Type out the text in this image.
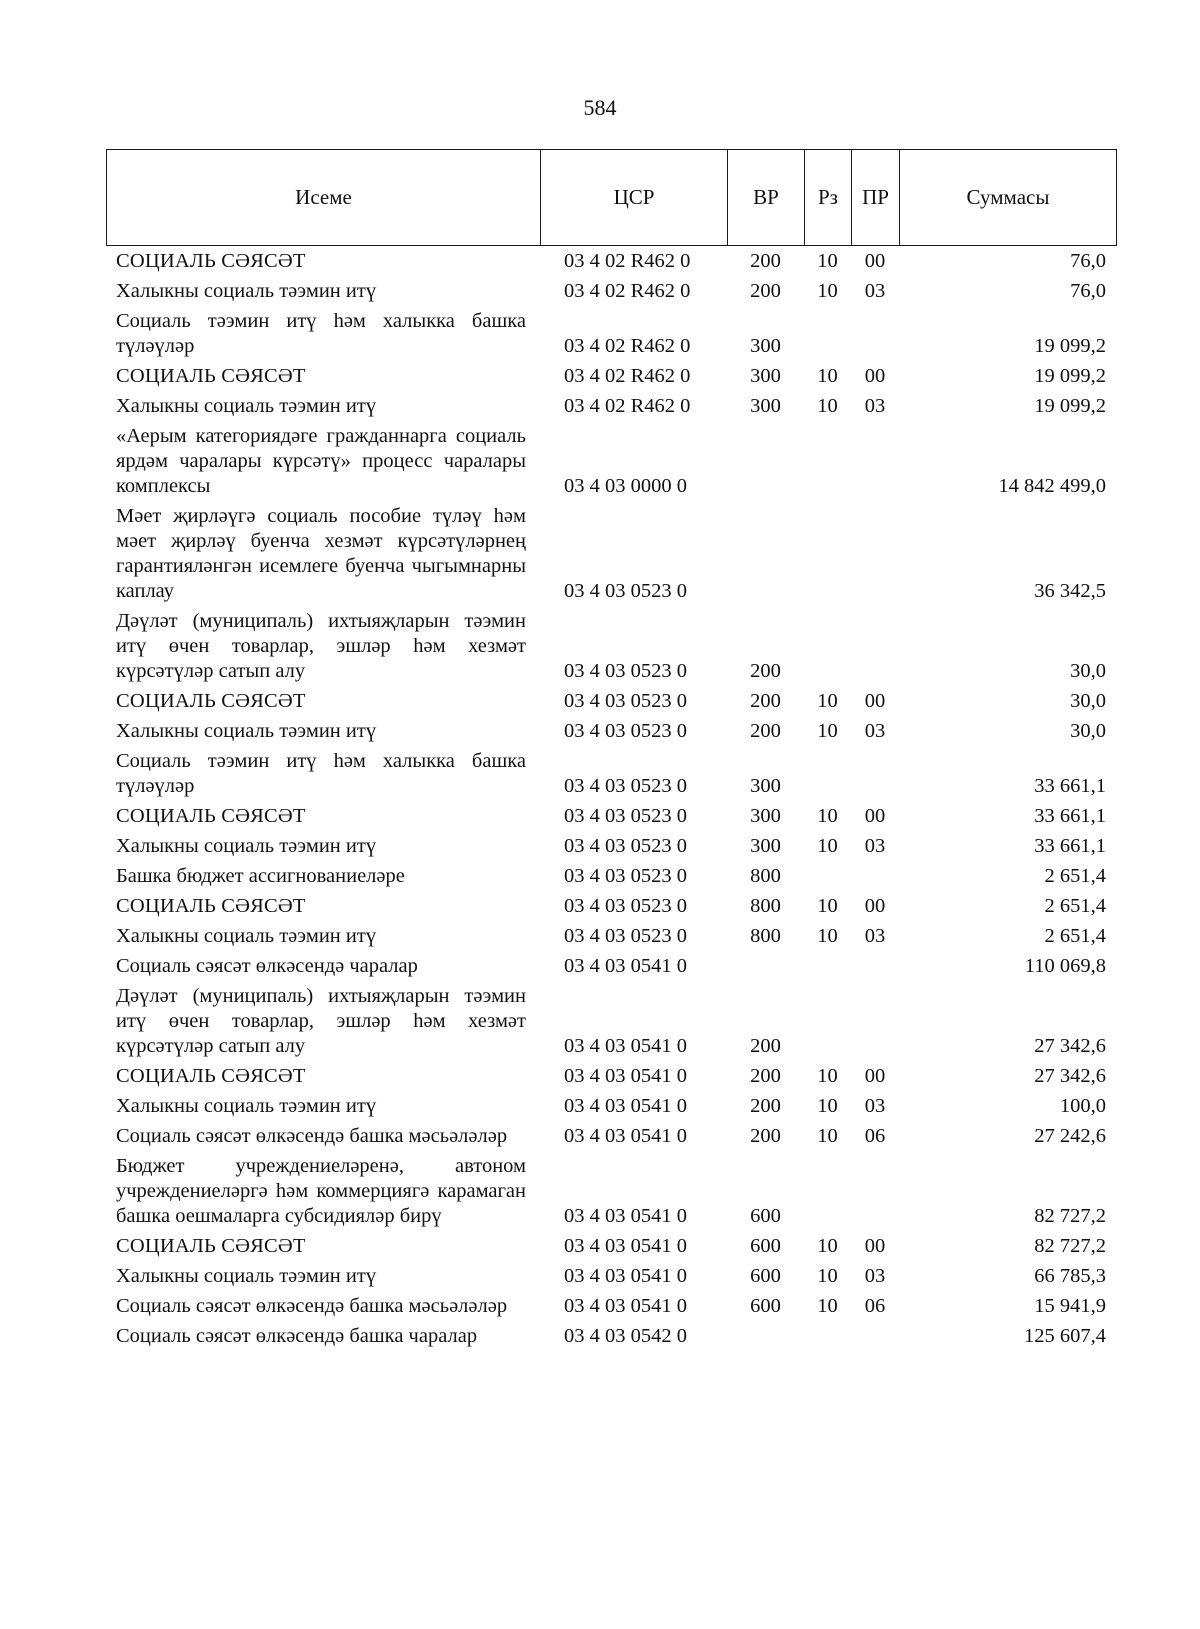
584
Исеме	ЦСР	ВР	Рз	ПР	Суммасы
СОЦИАЛЬ СӘЯСӘТ	03 4 02 R462 0	200	10	00	76,0
Халыкны социаль тәэмин итү	03 4 02 R462 0	200	10	03	76,0
Социаль тәэмин итү һәм халыкка башка түләүләр	03 4 02 R462 0	300			19 099,2
СОЦИАЛЬ СӘЯСӘТ	03 4 02 R462 0	300	10	00	19 099,2
Халыкны социаль тәэмин итү	03 4 02 R462 0	300	10	03	19 099,2
«Аерым категориядәге гражданнарга социаль ярдәм чаралары күрсәтү» процесс чаралары комплексы	03 4 03 0000 0				14 842 499,0
Мәет җирләүгә социаль пособие түләү һәм мәет җирләү буенча хезмәт күрсәтүләрнең гарантияләнгән исемлеге буенча чыгымнарны каплау	03 4 03 0523 0				36 342,5
Дәүләт (муниципаль) ихтыяҗларын тәэмин итү өчен товарлар, эшләр һәм хезмәт күрсәтүләр сатып алу	03 4 03 0523 0	200			30,0
СОЦИАЛЬ СӘЯСӘТ	03 4 03 0523 0	200	10	00	30,0
Халыкны социаль тәэмин итү	03 4 03 0523 0	200	10	03	30,0
Социаль тәэмин итү һәм халыкка башка түләүләр	03 4 03 0523 0	300			33 661,1
СОЦИАЛЬ СӘЯСӘТ	03 4 03 0523 0	300	10	00	33 661,1
Халыкны социаль тәэмин итү	03 4 03 0523 0	300	10	03	33 661,1
Башка бюджет ассигнованиеләре	03 4 03 0523 0	800			2 651,4
СОЦИАЛЬ СӘЯСӘТ	03 4 03 0523 0	800	10	00	2 651,4
Халыкны социаль тәэмин итү	03 4 03 0523 0	800	10	03	2 651,4
Социаль сәясәт өлкәсендә чаралар	03 4 03 0541 0				110 069,8
Дәүләт (муниципаль) ихтыяҗларын тәэмин итү өчен товарлар, эшләр һәм хезмәт күрсәтүләр сатып алу	03 4 03 0541 0	200			27 342,6
СОЦИАЛЬ СӘЯСӘТ	03 4 03 0541 0	200	10	00	27 342,6
Халыкны социаль тәэмин итү	03 4 03 0541 0	200	10	03	100,0
Социаль сәясәт өлкәсендә башка мәсьәләләр	03 4 03 0541 0	200	10	06	27 242,6
Бюджет учреждениеләренә, автоном учреждениеләргә һәм коммерциягә карамаган башка оешмаларга субсидияләр бирү	03 4 03 0541 0	600			82 727,2
СОЦИАЛЬ СӘЯСӘТ	03 4 03 0541 0	600	10	00	82 727,2
Халыкны социаль тәэмин итү	03 4 03 0541 0	600	10	03	66 785,3
Социаль сәясәт өлкәсендә башка мәсьәләләр	03 4 03 0541 0	600	10	06	15 941,9
Социаль сәясәт өлкәсендә башка чаралар	03 4 03 0542 0				125 607,4
